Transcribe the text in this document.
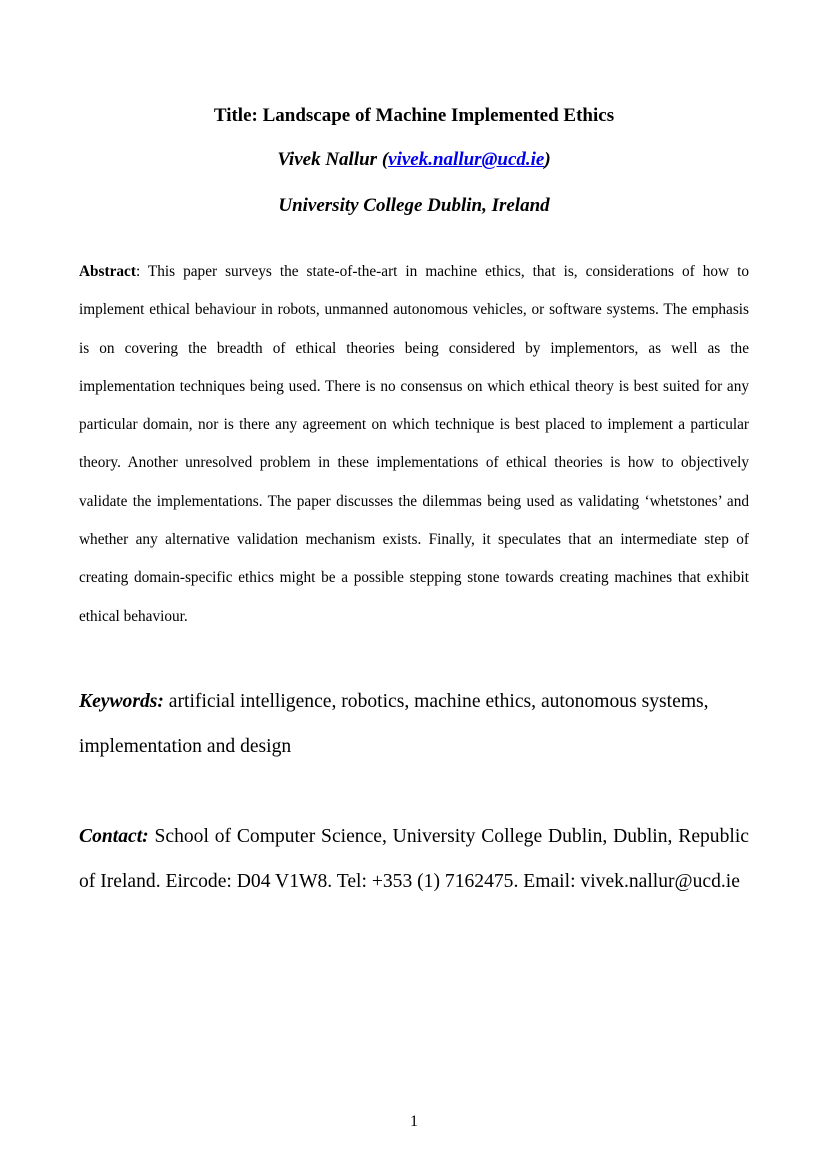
Title: Landscape of Machine Implemented Ethics
Vivek Nallur (vivek.nallur@ucd.ie)
University College Dublin, Ireland
Abstract: This paper surveys the state-of-the-art in machine ethics, that is, considerations of how to implement ethical behaviour in robots, unmanned autonomous vehicles, or software systems. The emphasis is on covering the breadth of ethical theories being considered by implementors, as well as the implementation techniques being used. There is no consensus on which ethical theory is best suited for any particular domain, nor is there any agreement on which technique is best placed to implement a particular theory. Another unresolved problem in these implementations of ethical theories is how to objectively validate the implementations. The paper discusses the dilemmas being used as validating ‘whetstones’ and whether any alternative validation mechanism exists. Finally, it speculates that an intermediate step of creating domain-specific ethics might be a possible stepping stone towards creating machines that exhibit ethical behaviour.
Keywords: artificial intelligence, robotics, machine ethics, autonomous systems, implementation and design
Contact: School of Computer Science, University College Dublin, Dublin, Republic of Ireland. Eircode: D04 V1W8. Tel: +353 (1) 7162475. Email: vivek.nallur@ucd.ie
1
